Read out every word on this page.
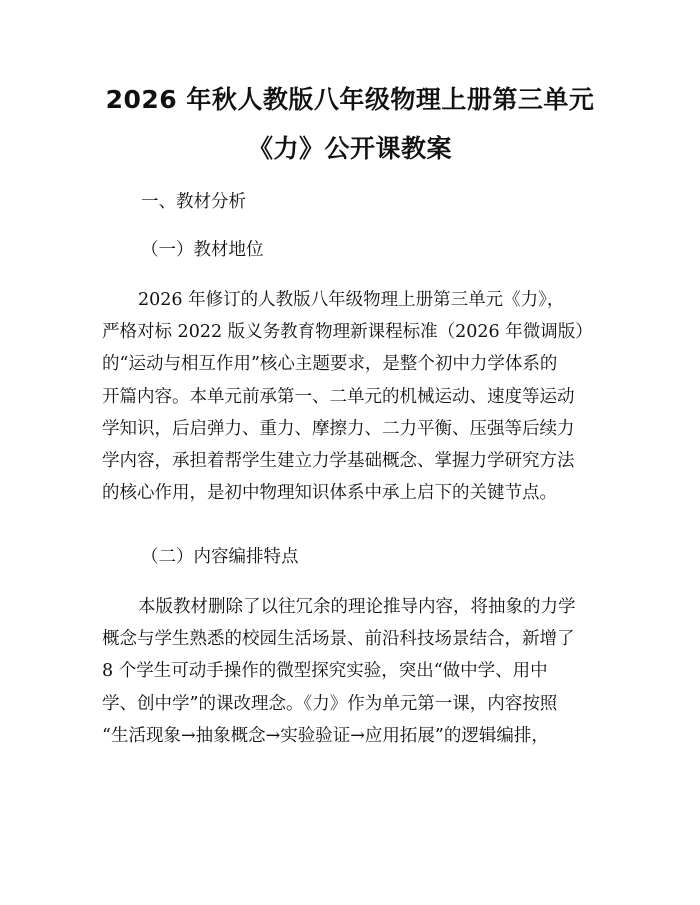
2026 年秋人教版八年级物理上册第三单元
《力》公开课教案
一、教材分析
（一）教材地位
2026 年修订的人教版八年级物理上册第三单元《力》，
严格对标 2022 版义务教育物理新课程标准（2026 年微调版）
的“运动与相互作用”核心主题要求，是整个初中力学体系的
开篇内容。本单元前承第一、二单元的机械运动、速度等运动
学知识，后启弹力、重力、摩擦力、二力平衡、压强等后续力
学内容，承担着帮学生建立力学基础概念、掌握力学研究方法
的核心作用，是初中物理知识体系中承上启下的关键节点。
（二）内容编排特点
本版教材删除了以往冗余的理论推导内容，将抽象的力学
概念与学生熟悉的校园生活场景、前沿科技场景结合，新增了
8 个学生可动手操作的微型探究实验，突出“做中学、用中
学、创中学”的课改理念。《力》作为单元第一课，内容按照
“生活现象→抽象概念→实验验证→应用拓展”的逻辑编排，
